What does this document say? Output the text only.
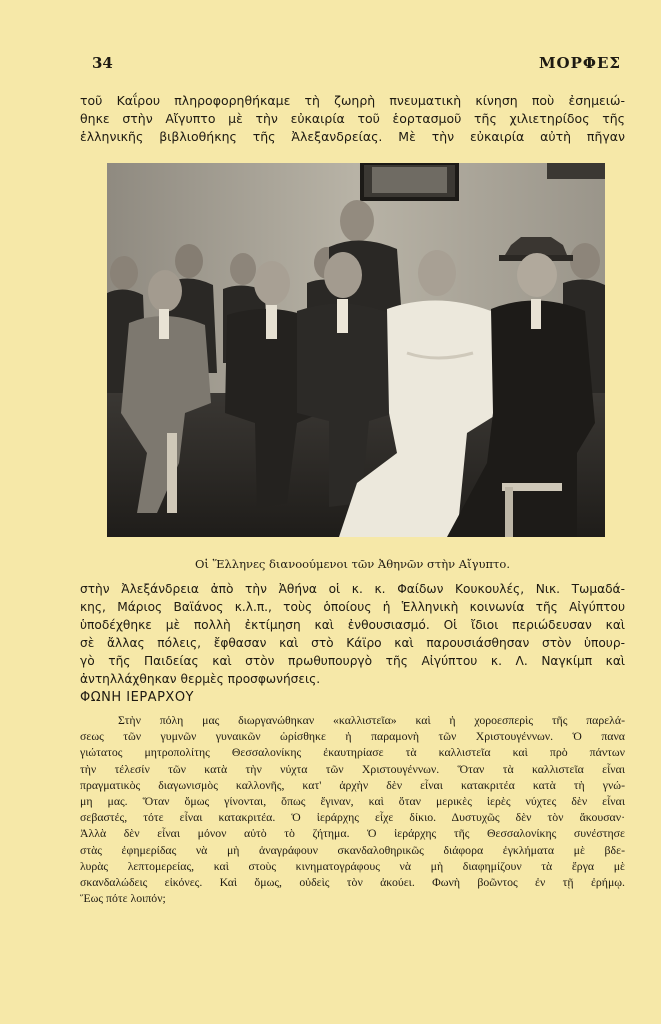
34	ΜΟΡΦΕΣ
τοῦ Καΐρου πληροφορηθήκαμε τὴ ζωηρὴ πνευματικὴ κίνηση ποὺ ἐσημειώ-
θηκε στὴν Αἴγυπτο μὲ τὴν εὐκαιρία τοῦ ἑορτασμοῦ τῆς χιλιετηρίδος τῆς
ἑλληνικῆς βιβλιοθήκης τῆς Ἀλεξανδρείας. Μὲ τὴν εὐκαιρία αὐτὴ πῆγαν
Οἱ Ἕλληνες διανοούμενοι τῶν Ἀθηνῶν στὴν Αἴγυπτο.
στὴν Ἀλεξάνδρεια ἀπὸ τὴν Ἀθήνα οἱ κ. κ. Φαίδων Κουκουλές, Νικ. Τωμαδά-
κης, Μάριος Βαϊάνος κ.λ.π., τοὺς ὁποίους ἡ Ἑλληνικὴ κοινωνία τῆς Αἰγύπτου
ὑποδέχθηκε μὲ πολλὴ ἐκτίμηση καὶ ἐνθουσιασμό. Οἱ ἴδιοι περιώδευσαν καὶ
σὲ ἄλλας πόλεις, ἔφθασαν καὶ στὸ Κάϊρο καὶ παρουσιάσθησαν στὸν ὑπουρ-
γὸ τῆς Παιδείας καὶ στὸν πρωθυπουργὸ τῆς Αἰγύπτου κ. Λ. Ναγκίμπ καὶ
ἀντηλλάχθηκαν θερμὲς προσφωνήσεις.
ΦΩΝΗ ΙΕΡΑΡΧΟΥ
Στὴν πόλη μας διωργανώθηκαν «καλλιστεῖα» καὶ ἡ χοροεσπερὶς τῆς παρελά-
σεως τῶν γυμνῶν γυναικῶν ὡρίσθηκε ἡ παραμονὴ τῶν Χριστουγέννων. Ὁ πανα
γιώτατος μητροπολίτης Θεσσαλονίκης ἐκαυτηρίασε τὰ καλλιστεῖα καὶ πρὸ πάντων
τὴν τέλεσίν τῶν κατὰ τὴν νύχτα τῶν Χριστουγέννων. Ὅταν τὰ καλλιστεῖα εἶναι
πραγματικὸς διαγωνισμὸς καλλονῆς, κατ' ἀρχὴν δὲν εἶναι κατακριτέα κατὰ τὴ γνώ-
μη μας. Ὅταν ὅμως γίνονται, ὅπως ἔγιναν, καὶ ὅταν μερικὲς ἱερὲς νύχτες δὲν εἶναι
σεβαστές, τότε εἶναι κατακριτέα. Ὁ ἱεράρχης εἶχε δίκιο. Δυστυχῶς δὲν τὸν ἄκουσαν·
Ἀλλὰ δὲν εἶναι μόνον αὐτὸ τὸ ζήτημα. Ὁ ἱεράρχης τῆς Θεσσαλονίκης συνέστησε
στὰς ἐφημερίδας νὰ μὴ ἀναγράφουν σκανδαλοθηρικῶς διάφορα ἐγκλήματα μὲ βδε-
λυρὰς λεπτομερείας, καὶ στοὺς κινηματογράφους νὰ μὴ διαφημίζουν τὰ ἔργα μὲ
σκανδαλώδεις εἰκόνες. Καὶ ὅμως, οὐδεὶς τὸν ἀκούει. Φωνὴ βοῶντος ἐν τῇ ἐρήμῳ.
Ἕως πότε λοιπόν;
